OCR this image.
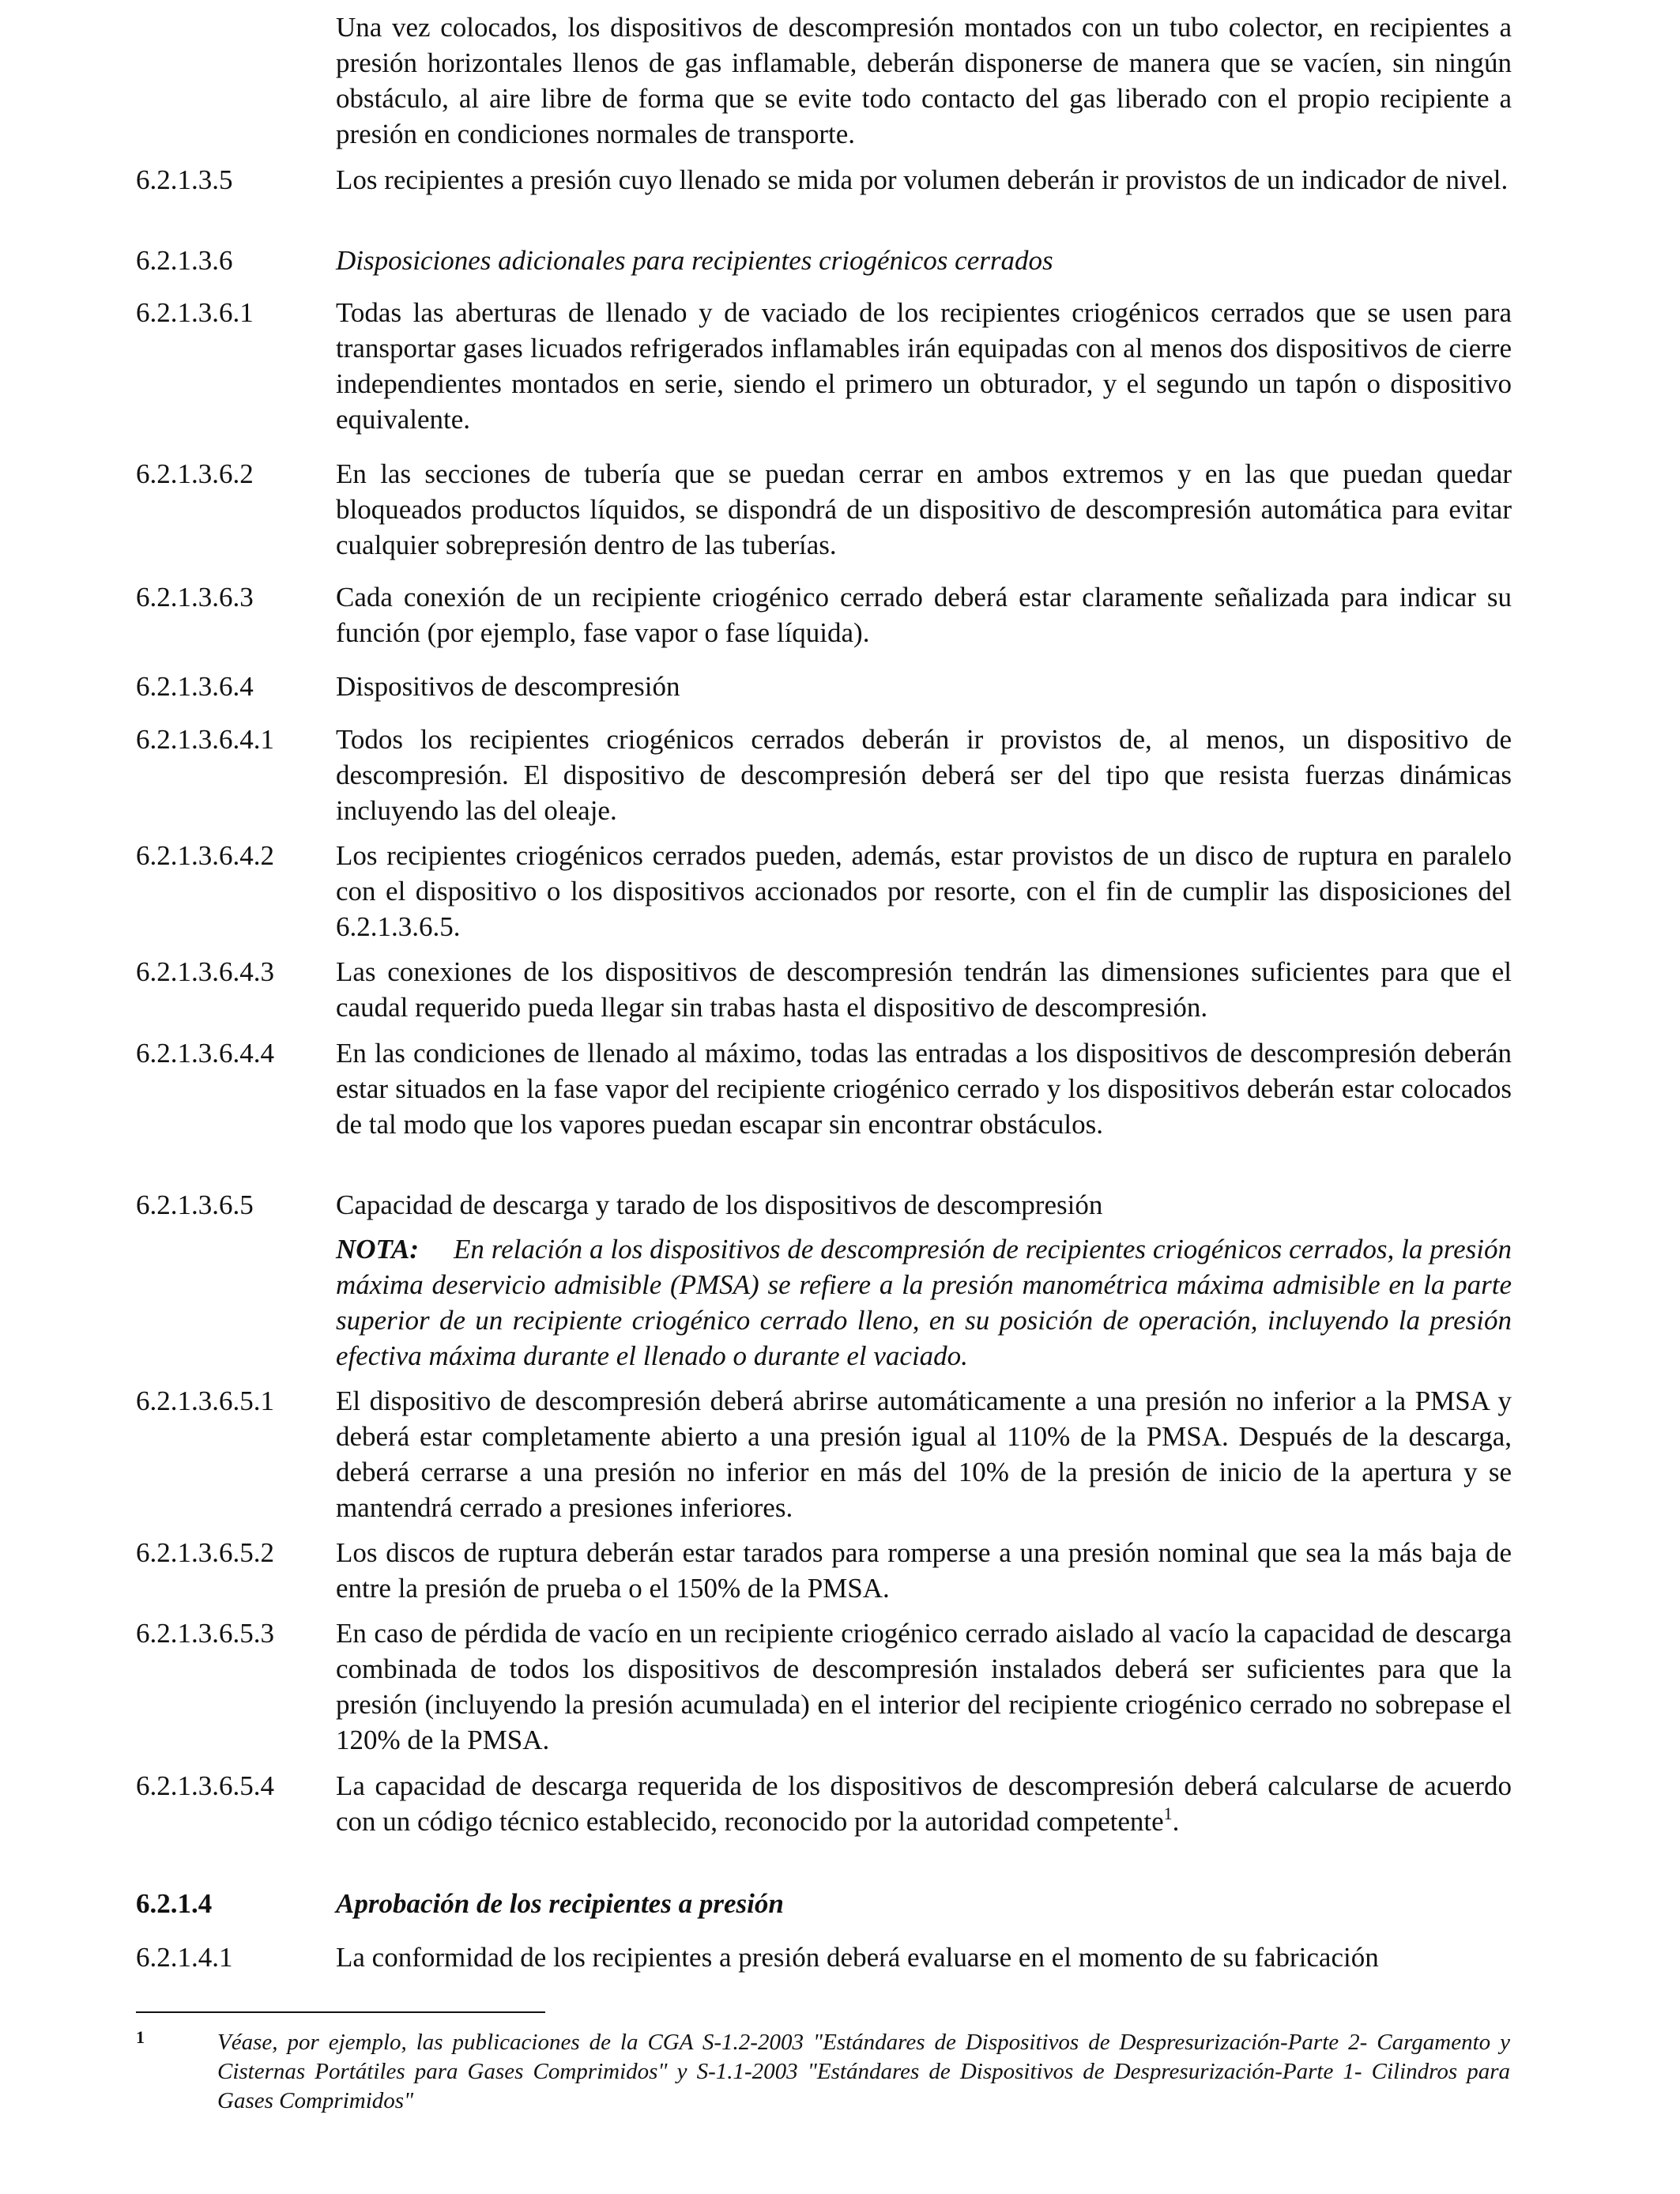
Una vez colocados, los dispositivos de descompresión montados con un tubo colector, en recipientes a presión horizontales llenos de gas inflamable, deberán disponerse de manera que se vacíen, sin ningún obstáculo, al aire libre de forma que se evite todo contacto del gas liberado con el propio recipiente a presión en condiciones normales de transporte.
6.2.1.3.5	Los recipientes a presión cuyo llenado se mida por volumen deberán ir provistos de un indicador de nivel.
6.2.1.3.6	Disposiciones adicionales para recipientes criogénicos cerrados
6.2.1.3.6.1	Todas las aberturas de llenado y de vaciado de los recipientes criogénicos cerrados que se usen para transportar gases licuados refrigerados inflamables irán equipadas con al menos dos dispositivos de cierre independientes montados en serie, siendo el primero un obturador, y el segundo un tapón o dispositivo equivalente.
6.2.1.3.6.2	En las secciones de tubería que se puedan cerrar en ambos extremos y en las que puedan quedar bloqueados productos líquidos, se dispondrá de un dispositivo de descompresión automática para evitar cualquier sobrepresión dentro de las tuberías.
6.2.1.3.6.3	Cada conexión de un recipiente criogénico cerrado deberá estar claramente señalizada para indicar su función (por ejemplo, fase vapor o fase líquida).
6.2.1.3.6.4	Dispositivos de descompresión
6.2.1.3.6.4.1 Todos los recipientes criogénicos cerrados deberán ir provistos de, al menos, un dispositivo de descompresión. El dispositivo de descompresión deberá ser del tipo que resista fuerzas dinámicas incluyendo las del oleaje.
6.2.1.3.6.4.2 Los recipientes criogénicos cerrados pueden, además, estar provistos de un disco de ruptura en paralelo con el dispositivo o los dispositivos accionados por resorte, con el fin de cumplir las disposiciones del 6.2.1.3.6.5.
6.2.1.3.6.4.3 Las conexiones de los dispositivos de descompresión tendrán las dimensiones suficientes para que el caudal requerido pueda llegar sin trabas hasta el dispositivo de descompresión.
6.2.1.3.6.4.4 En las condiciones de llenado al máximo, todas las entradas a los dispositivos de descompresión deberán estar situados en la fase vapor del recipiente criogénico cerrado y los dispositivos deberán estar colocados de tal modo que los vapores puedan escapar sin encontrar obstáculos.
6.2.1.3.6.5	Capacidad de descarga y tarado de los dispositivos de descompresión
NOTA: En relación a los dispositivos de descompresión de recipientes criogénicos cerrados, la presión máxima deservicio admisible (PMSA) se refiere a la presión manométrica máxima admisible en la parte superior de un recipiente criogénico cerrado lleno, en su posición de operación, incluyendo la presión efectiva máxima durante el llenado o durante el vaciado.
6.2.1.3.6.5.1 El dispositivo de descompresión deberá abrirse automáticamente a una presión no inferior a la PMSA y deberá estar completamente abierto a una presión igual al 110% de la PMSA. Después de la descarga, deberá cerrarse a una presión no inferior en más del 10% de la presión de inicio de la apertura y se mantendrá cerrado a presiones inferiores.
6.2.1.3.6.5.2 Los discos de ruptura deberán estar tarados para romperse a una presión nominal que sea la más baja de entre la presión de prueba o el 150% de la PMSA.
6.2.1.3.6.5.3 En caso de pérdida de vacío en un recipiente criogénico cerrado aislado al vacío la capacidad de descarga combinada de todos los dispositivos de descompresión instalados deberá ser suficientes para que la presión (incluyendo la presión acumulada) en el interior del recipiente criogénico cerrado no sobrepase el 120% de la PMSA.
6.2.1.3.6.5.4 La capacidad de descarga requerida de los dispositivos de descompresión deberá calcularse de acuerdo con un código técnico establecido, reconocido por la autoridad competente$^1$.
6.2.1.4	Aprobación de los recipientes a presión
6.2.1.4.1	La conformidad de los recipientes a presión deberá evaluarse en el momento de su fabricación
1	Véase, por ejemplo, las publicaciones de la CGA S-1.2-2003 "Estándares de Dispositivos de Despresurización-Parte 2- Cargamento y Cisternas Portátiles para Gases Comprimidos" y S-1.1-2003 "Estándares de Dispositivos de Despresurización-Parte 1- Cilindros para Gases Comprimidos"
